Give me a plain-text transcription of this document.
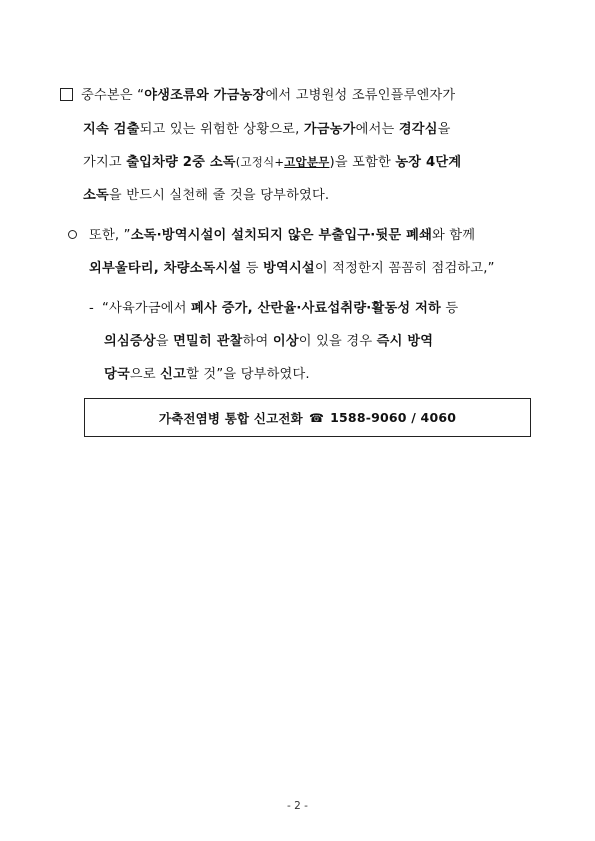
중수본은 “야생조류와 가금농장에서 고병원성 조류인플루엔자가
지속 검출되고 있는 위험한 상황으로, 가금농가에서는 경각심을
가지고 출입차량 2중 소독(고정식+고압분무)을 포함한 농장 4단계
소독을 반드시 실천해 줄 것을 당부하였다.
또한, ”소독·방역시설이 설치되지 않은 부출입구·뒷문 폐쇄와 함께
외부울타리, 차량소독시설 등 방역시설이 적정한지 꼼꼼히 점검하고,”
- “사육가금에서 폐사 증가, 산란율·사료섭취량·활동성 저하 등
의심증상을 면밀히 관찰하여 이상이 있을 경우 즉시 방역
당국으로 신고할 것”을 당부하였다.
가축전염병 통합 신고전화 ☎ 1588-9060 / 4060
- 2 -
